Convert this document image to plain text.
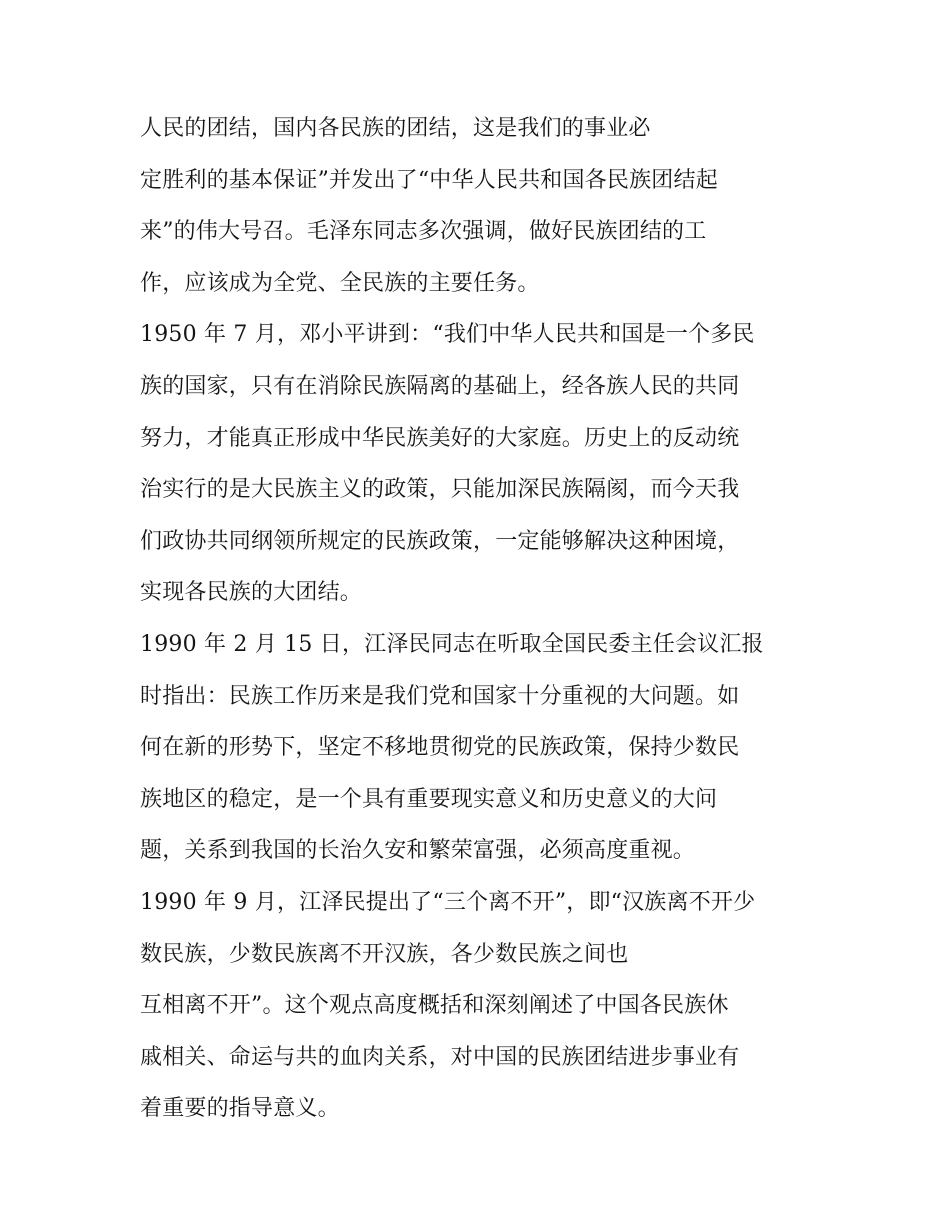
人民的团结，国内各民族的团结，这是我们的事业必
定胜利的基本保证”并发出了“中华人民共和国各民族团结起
来”的伟大号召。毛泽东同志多次强调，做好民族团结的工
作，应该成为全党、全民族的主要任务。
1950 年 7 月，邓小平讲到：“我们中华人民共和国是一个多民
族的国家，只有在消除民族隔离的基础上，经各族人民的共同
努力，才能真正形成中华民族美好的大家庭。历史上的反动统
治实行的是大民族主义的政策，只能加深民族隔阂，而今天我
们政协共同纲领所规定的民族政策，一定能够解决这种困境，
实现各民族的大团结。
1990 年 2 月 15 日，江泽民同志在听取全国民委主任会议汇报
时指出：民族工作历来是我们党和国家十分重视的大问题。如
何在新的形势下，坚定不移地贯彻党的民族政策，保持少数民
族地区的稳定，是一个具有重要现实意义和历史意义的大问
题，关系到我国的长治久安和繁荣富强，必须高度重视。
1990 年 9 月，江泽民提出了“三个离不开”，即“汉族离不开少
数民族，少数民族离不开汉族，各少数民族之间也
互相离不开”。这个观点高度概括和深刻阐述了中国各民族休
戚相关、命运与共的血肉关系，对中国的民族团结进步事业有
着重要的指导意义。
